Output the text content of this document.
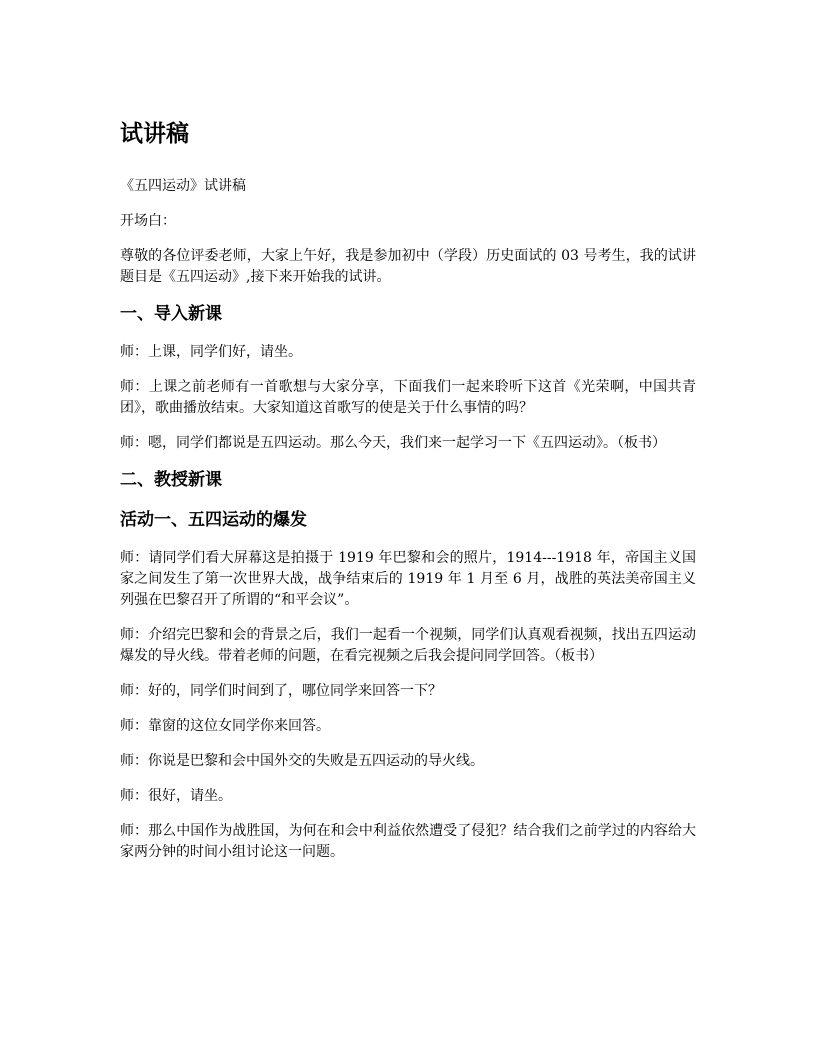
试讲稿
《五四运动》试讲稿
开场白：
尊敬的各位评委老师，大家上午好，我是参加初中（学段）历史面试的 03 号考生，我的试讲题目是《五四运动》,接下来开始我的试讲。
一、导入新课
师：上课，同学们好，请坐。
师：上课之前老师有一首歌想与大家分享，下面我们一起来聆听下这首《光荣啊，中国共青团》，歌曲播放结束。大家知道这首歌写的使是关于什么事情的吗？
师：嗯，同学们都说是五四运动。那么今天，我们来一起学习一下《五四运动》。（板书）
二、教授新课
活动一、五四运动的爆发
师：请同学们看大屏幕这是拍摄于 1919 年巴黎和会的照片，1914---1918 年，帝国主义国家之间发生了第一次世界大战，战争结束后的 1919 年 1 月至 6 月，战胜的英法美帝国主义列强在巴黎召开了所谓的“和平会议”。
师：介绍完巴黎和会的背景之后，我们一起看一个视频，同学们认真观看视频，找出五四运动爆发的导火线。带着老师的问题，在看完视频之后我会提问同学回答。（板书）
师：好的，同学们时间到了，哪位同学来回答一下？
师：靠窗的这位女同学你来回答。
师：你说是巴黎和会中国外交的失败是五四运动的导火线。
师：很好，请坐。
师：那么中国作为战胜国，为何在和会中利益依然遭受了侵犯？结合我们之前学过的内容给大家两分钟的时间小组讨论这一问题。
